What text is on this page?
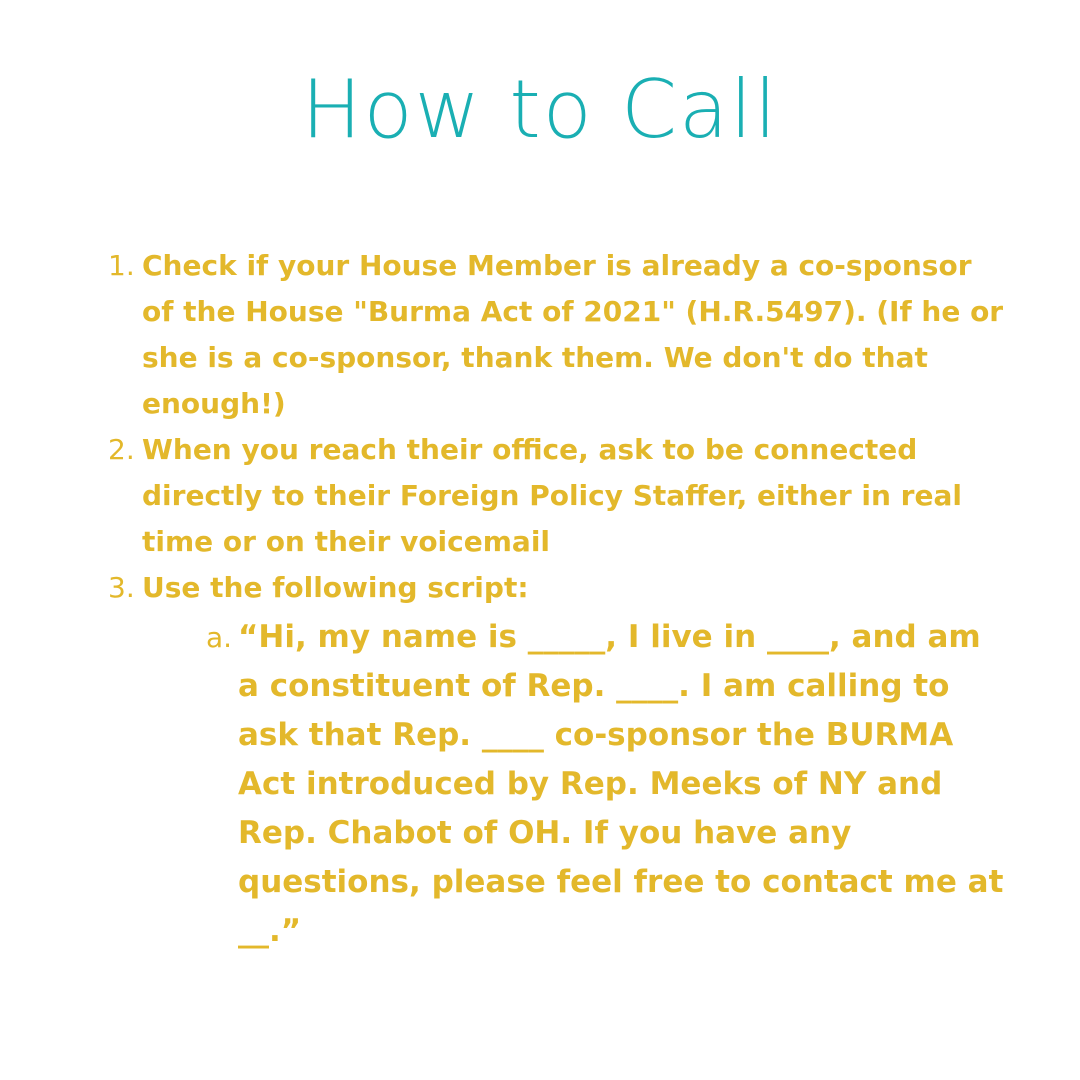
How to Call
1. Check if your House Member is already a co-sponsor of the House "Burma Act of 2021" (H.R.5497). (If he or she is a co-sponsor, thank them. We don't do that enough!)
2. When you reach their office, ask to be connected directly to their Foreign Policy Staffer, either in real time or on their voicemail
3. Use the following script:
a. “Hi, my name is _____, I live in ____, and am a constituent of Rep. ____. I am calling to ask that Rep. ____ co-sponsor the BURMA Act introduced by Rep. Meeks of NY and Rep. Chabot of OH. If you have any questions, please feel free to contact me at __.”
